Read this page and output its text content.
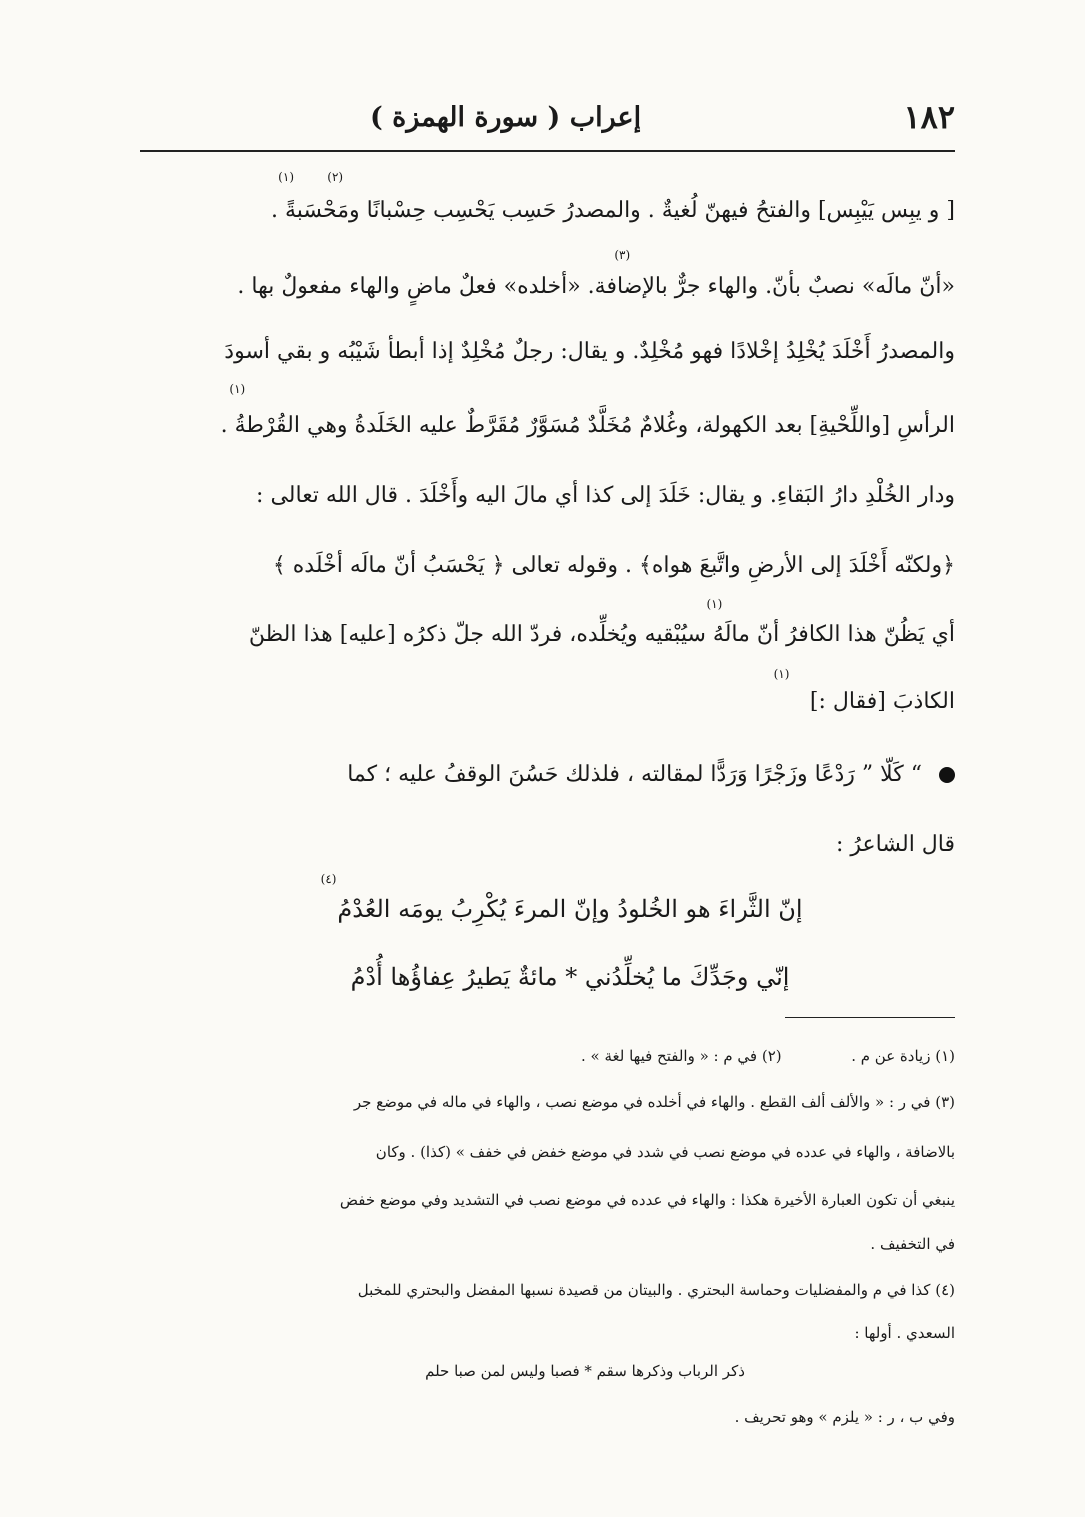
١٨٢
إعراب ( سورة الهمزة )
[ و يبِس يَيْبِس] والفتحُ فيهنّ لُغيةٌ . والمصدرُ حَسِب يَحْسِب حِسْبانًا ومَحْسَبةً .
$_{(١)}$	$_{(٢)}$
«أنّ مالَه» نصبٌ بأنّ. والهاء جرٌّ بالإضافة. «أخلده» فعلٌ ماضٍ والهاء مفعولٌ بها .
$_{(٣)}$
والمصدرُ أَخْلَدَ يُخْلِدُ إخْلادًا فهو مُخْلِدٌ. و يقال: رجلٌ مُخْلِدٌ إذا أبطأ شَيْبُه و بقي أسودَ
الرأسِ [واللِّحْيةِ] بعد الكهولة، وغُلامٌ مُخَلَّدٌ مُسَوَّرٌ مُقَرَّطٌ عليه الخَلَدةُ وهي القُرْطةُ .
$_{(١)}$
ودار الخُلْدِ دارُ البَقاءِ. و يقال: خَلَدَ إلى كذا أي مالَ اليه وأَخْلَدَ . قال الله تعالى :
﴿ولكنّه أَخْلَدَ إلى الأرضِ واتَّبعَ هواه﴾ . وقوله تعالى ﴿ يَحْسَبُ أنّ مالَه أخْلَده ﴾
أي يَظُنّ هذا الكافرُ أنّ مالَهُ سيُبْقيه ويُخلِّده، فردّ الله جلّ ذكرُه [عليه] هذا الظنّ
$_{(١)}$
الكاذبَ [فقال :]
$_{(١)}$
“ كَلّا ” رَدْعًا وزَجْرًا وَرَدًّا لمقالته ، فلذلك حَسُنَ الوقفُ عليه ؛ كما
قال الشاعرُ :
إنّ الثَّراءَ هو الخُلودُ وإنّ المرءَ يُكْرِبُ يومَه العُدْمُ
$_{(٤)}$
إنّي وجَدِّكَ ما يُخلِّدُني * مائةٌ يَطيرُ عِفاؤُها أُدْمُ
(١) زيادة عن م .  (٢) في م : « والفتح فيها لغة » .
(٣) في ر : « والألف ألف القطع . والهاء في أخلده في موضع نصب ، والهاء في ماله في موضع جر
بالاضافة ، والهاء في عدده في موضع نصب في شدد في موضع خفض في خفف » (كذا) . وكان
ينبغي أن تكون العبارة الأخيرة هكذا : والهاء في عدده في موضع نصب في التشديد وفي موضع خفض
في التخفيف .
(٤) كذا في م والمفضليات وحماسة البحتري . والبيتان من قصيدة نسبها المفضل والبحتري للمخبل
السعدي . أولها :
ذكر الرباب وذكرها سقم * فصبا وليس لمن صبا حلم
وفي ب ، ر : « يلزم » وهو تحريف .
